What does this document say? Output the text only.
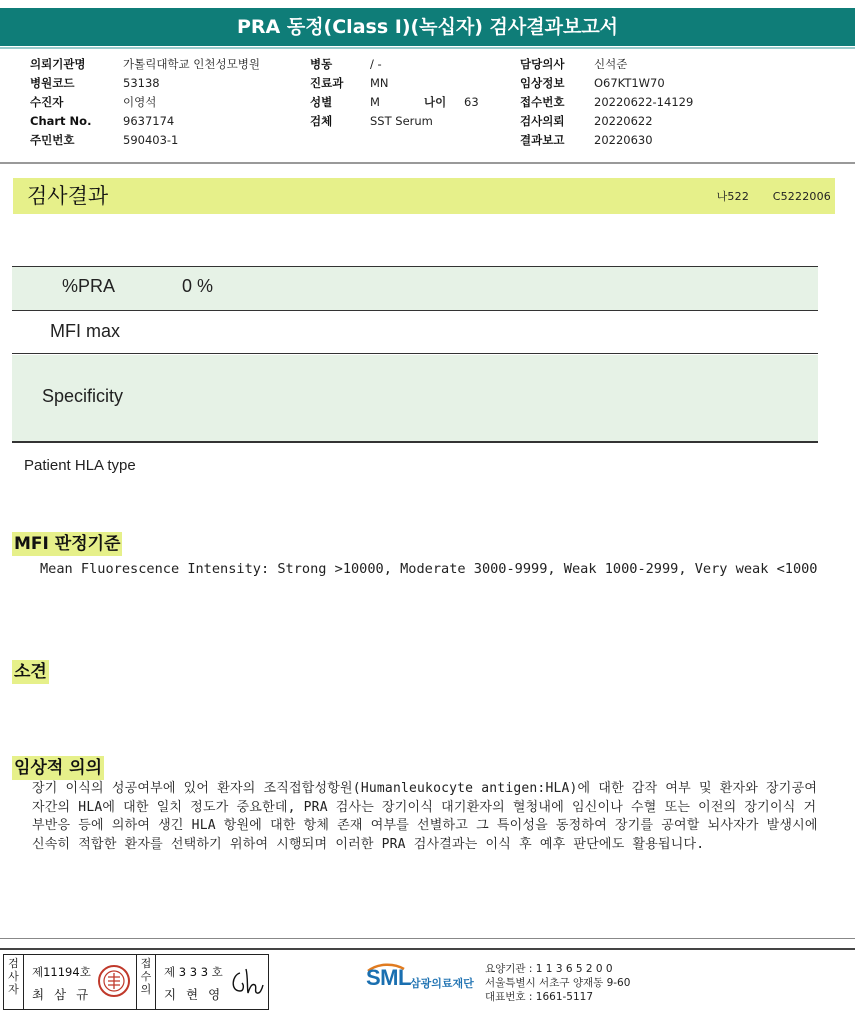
PRA 동정(Class I)(녹십자) 검사결과보고서
의뢰기관명	가톨릭대학교 인천성모병원
병원코드	53138
수진자	이영석
Chart No.	9637174
주민번호	590403-1
병동	/ -
진료과	MN
성별	M	나이	63
검체	SST Serum
담당의사	신석준
임상정보	O67KT1W70
접수번호	20220622-14129
검사의뢰	20220622
결과보고	20220630
검사결과	나522 C5222006
%PRA	0 %
MFI max
Specificity
Patient HLA type
MFI 판정기준
Mean Fluorescence Intensity: Strong >10000, Moderate 3000-9999, Weak 1000-2999, Very weak <1000
소견
임상적 의의
장기 이식의 성공여부에 있어 환자의 조직접합성항원(Humanleukocyte antigen:HLA)에 대한 감작 여부 및 환자와 장기공여자간의 HLA에 대한 일치 정도가 중요한데, PRA 검사는 장기이식 대기환자의 혈청내에 임신이나 수혈 또는 이전의 장기이식 거부반응 등에 의하여 생긴 HLA 항원에 대한 항체 존재 여부를 선별하고 그 특이성을 동정하여 장기를 공여할 뇌사자가 발생시에 신속히 적합한 환자를 선택하기 위하여 시행되며 이러한 PRA 검사결과는 이식 후 예후 판단에도 활용됩니다.
검
사
자
제11194호
최 삼 규
접
수
의
제 3 3 3 호
지 현 영
SML 삼광의료재단
요양기관 : 1 1 3 6 5 2 0 0
서울특별시 서초구 양재동 9-60
대표번호 : 1661-5117
